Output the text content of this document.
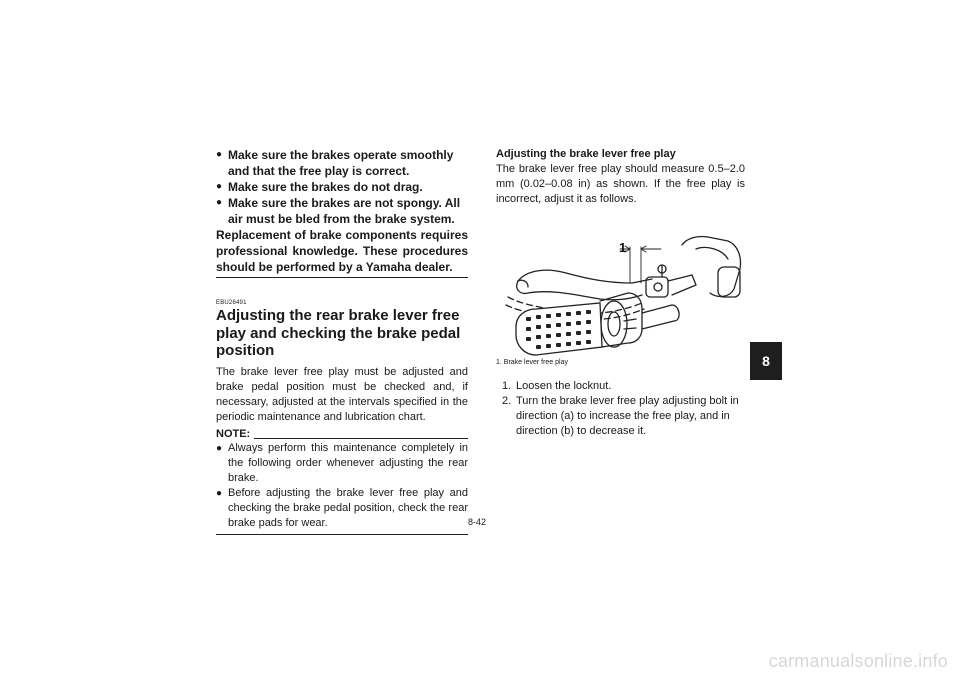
● Make sure the brakes operate smoothly and that the free play is correct.
● Make sure the brakes do not drag.
● Make sure the brakes are not spongy. All air must be bled from the brake system.
Replacement of brake components requires professional knowledge. These procedures should be performed by a Yamaha dealer.
EBU26491
Adjusting the rear brake lever free play and checking the brake pedal position
The brake lever free play must be adjusted and brake pedal position must be checked and, if necessary, adjusted at the intervals specified in the periodic maintenance and lubrication chart.
NOTE:
● Always perform this maintenance completely in the following order whenever adjusting the rear brake.
● Before adjusting the brake lever free play and checking the brake pedal position, check the rear brake pads for wear.
Adjusting the brake lever free play
The brake lever free play should measure 0.5–2.0 mm (0.02–0.08 in) as shown. If the free play is incorrect, adjust it as follows.
1
1. Brake lever free play
1. Loosen the locknut.
2. Turn the brake lever free play adjusting bolt in direction (a) to increase the free play, and in direction (b) to decrease it.
8-42
8
carmanualsonline.info
